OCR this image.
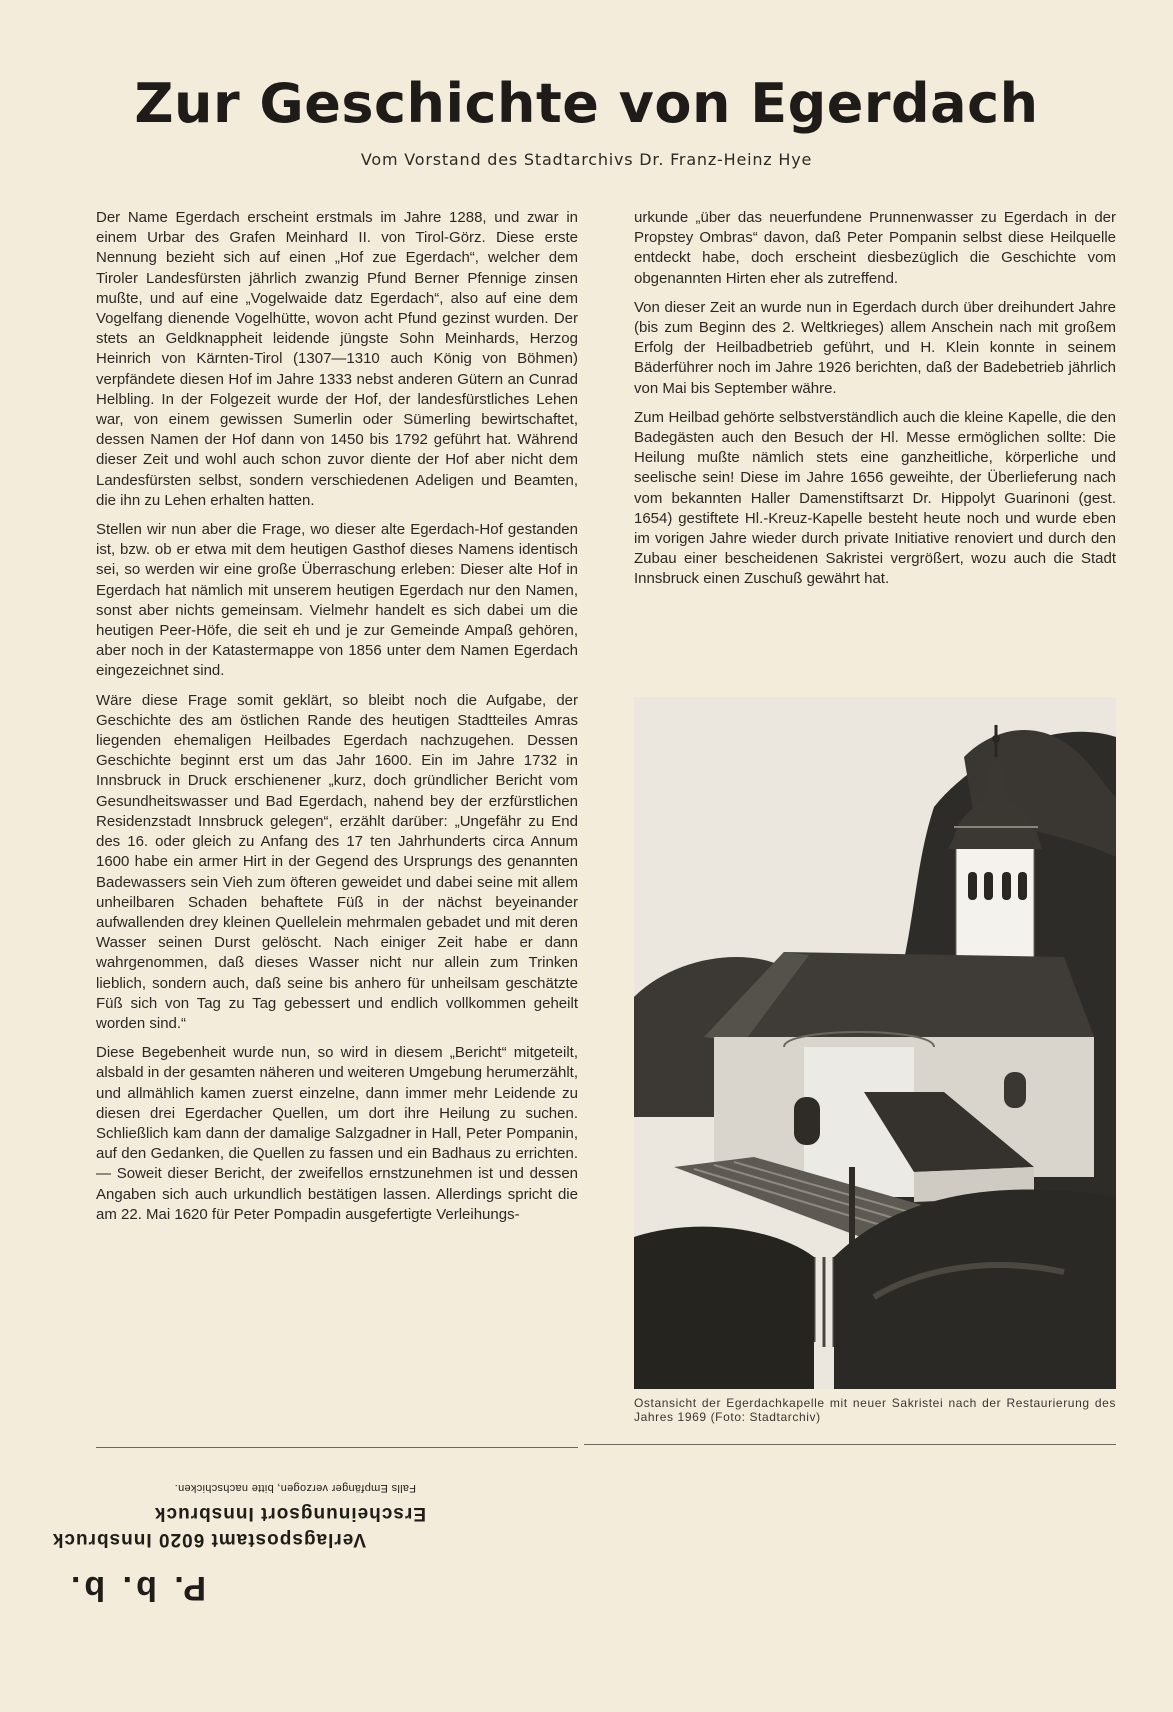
Zur Geschichte von Egerdach
Vom Vorstand des Stadtarchivs Dr. Franz-Heinz Hye

Der Name Egerdach erscheint erstmals im Jahre 1288, und zwar in einem Urbar des Grafen Meinhard II. von Tirol-Görz. Diese erste Nennung bezieht sich auf einen „Hof zue Egerdach“, welcher dem Tiroler Landesfürsten jährlich zwanzig Pfund Berner Pfennige zinsen mußte, und auf eine „Vogelwaide datz Egerdach“, also auf eine dem Vogelfang dienende Vogelhütte, wovon acht Pfund gezinst wurden. Der stets an Geldknappheit leidende jüngste Sohn Meinhards, Herzog Heinrich von Kärnten-Tirol (1307—1310 auch König von Böhmen) verpfändete diesen Hof im Jahre 1333 nebst anderen Gütern an Cunrad Helbling. In der Folgezeit wurde der Hof, der landesfürstliches Lehen war, von einem gewissen Sumerlin oder Sümerling bewirtschaftet, dessen Namen der Hof dann von 1450 bis 1792 geführt hat. Während dieser Zeit und wohl auch schon zuvor diente der Hof aber nicht dem Landesfürsten selbst, sondern verschiedenen Adeligen und Beamten, die ihn zu Lehen erhalten hatten.

Stellen wir nun aber die Frage, wo dieser alte Egerdach-Hof gestanden ist, bzw. ob er etwa mit dem heutigen Gasthof dieses Namens identisch sei, so werden wir eine große Überraschung erleben: Dieser alte Hof in Egerdach hat nämlich mit unserem heutigen Egerdach nur den Namen, sonst aber nichts gemeinsam. Vielmehr handelt es sich dabei um die heutigen Peer-Höfe, die seit eh und je zur Gemeinde Ampaß gehören, aber noch in der Katastermappe von 1856 unter dem Namen Egerdach eingezeichnet sind.

Wäre diese Frage somit geklärt, so bleibt noch die Aufgabe, der Geschichte des am östlichen Rande des heutigen Stadtteiles Amras liegenden ehemaligen Heilbades Egerdach nachzugehen. Dessen Geschichte beginnt erst um das Jahr 1600. Ein im Jahre 1732 in Innsbruck in Druck erschienener „kurz, doch gründlicher Bericht vom Gesundheitswasser und Bad Egerdach, nahend bey der erzfürstlichen Residenzstadt Innsbruck gelegen“, erzählt darüber: „Ungefähr zu End des 16. oder gleich zu Anfang des 17 ten Jahrhunderts circa Annum 1600 habe ein armer Hirt in der Gegend des Ursprungs des genannten Badewassers sein Vieh zum öfteren geweidet und dabei seine mit allem unheilbaren Schaden behaftete Füß in der nächst beyeinander aufwallenden drey kleinen Quellelein mehrmalen gebadet und mit deren Wasser seinen Durst gelöscht. Nach einiger Zeit habe er dann wahrgenommen, daß dieses Wasser nicht nur allein zum Trinken lieblich, sondern auch, daß seine bis anhero für unheilsam geschätzte Füß sich von Tag zu Tag gebessert und endlich vollkommen geheilt worden sind.“

Diese Begebenheit wurde nun, so wird in diesem „Bericht“ mitgeteilt, alsbald in der gesamten näheren und weiteren Umgebung herumerzählt, und allmählich kamen zuerst einzelne, dann immer mehr Leidende zu diesen drei Egerdacher Quellen, um dort ihre Heilung zu suchen. Schließlich kam dann der damalige Salzgadner in Hall, Peter Pompanin, auf den Gedanken, die Quellen zu fassen und ein Badhaus zu errichten. — Soweit dieser Bericht, der zweifellos ernstzunehmen ist und dessen Angaben sich auch urkundlich bestätigen lassen. Allerdings spricht die am 22. Mai 1620 für Peter Pompadin ausgefertigte Verleihungs-

urkunde „über das neuerfundene Prunnenwasser zu Egerdach in der Propstey Ombras“ davon, daß Peter Pompanin selbst diese Heilquelle entdeckt habe, doch erscheint diesbezüglich die Geschichte vom obgenannten Hirten eher als zutreffend.

Von dieser Zeit an wurde nun in Egerdach durch über dreihundert Jahre (bis zum Beginn des 2. Weltkrieges) allem Anschein nach mit großem Erfolg der Heilbadbetrieb geführt, und H. Klein konnte in seinem Bäderführer noch im Jahre 1926 berichten, daß der Badebetrieb jährlich von Mai bis September währe.

Zum Heilbad gehörte selbstverständlich auch die kleine Kapelle, die den Badegästen auch den Besuch der Hl. Messe ermöglichen sollte: Die Heilung mußte nämlich stets eine ganzheitliche, körperliche und seelische sein! Diese im Jahre 1656 geweihte, der Überlieferung nach vom bekannten Haller Damenstiftsarzt Dr. Hippolyt Guarinoni (gest. 1654) gestiftete Hl.-Kreuz-Kapelle besteht heute noch und wurde eben im vorigen Jahre wieder durch private Initiative renoviert und durch den Zubau einer bescheidenen Sakristei vergrößert, wozu auch die Stadt Innsbruck einen Zuschuß gewährt hat.

Ostansicht der Egerdachkapelle mit neuer Sakristei nach der Restaurierung des Jahres 1969 (Foto: Stadtarchiv)
Falls Empfänger verzogen, bitte nachschicken.
Erscheinungsort Innsbruck
Verlagspostamt 6020 Innsbruck
P. b. b.
